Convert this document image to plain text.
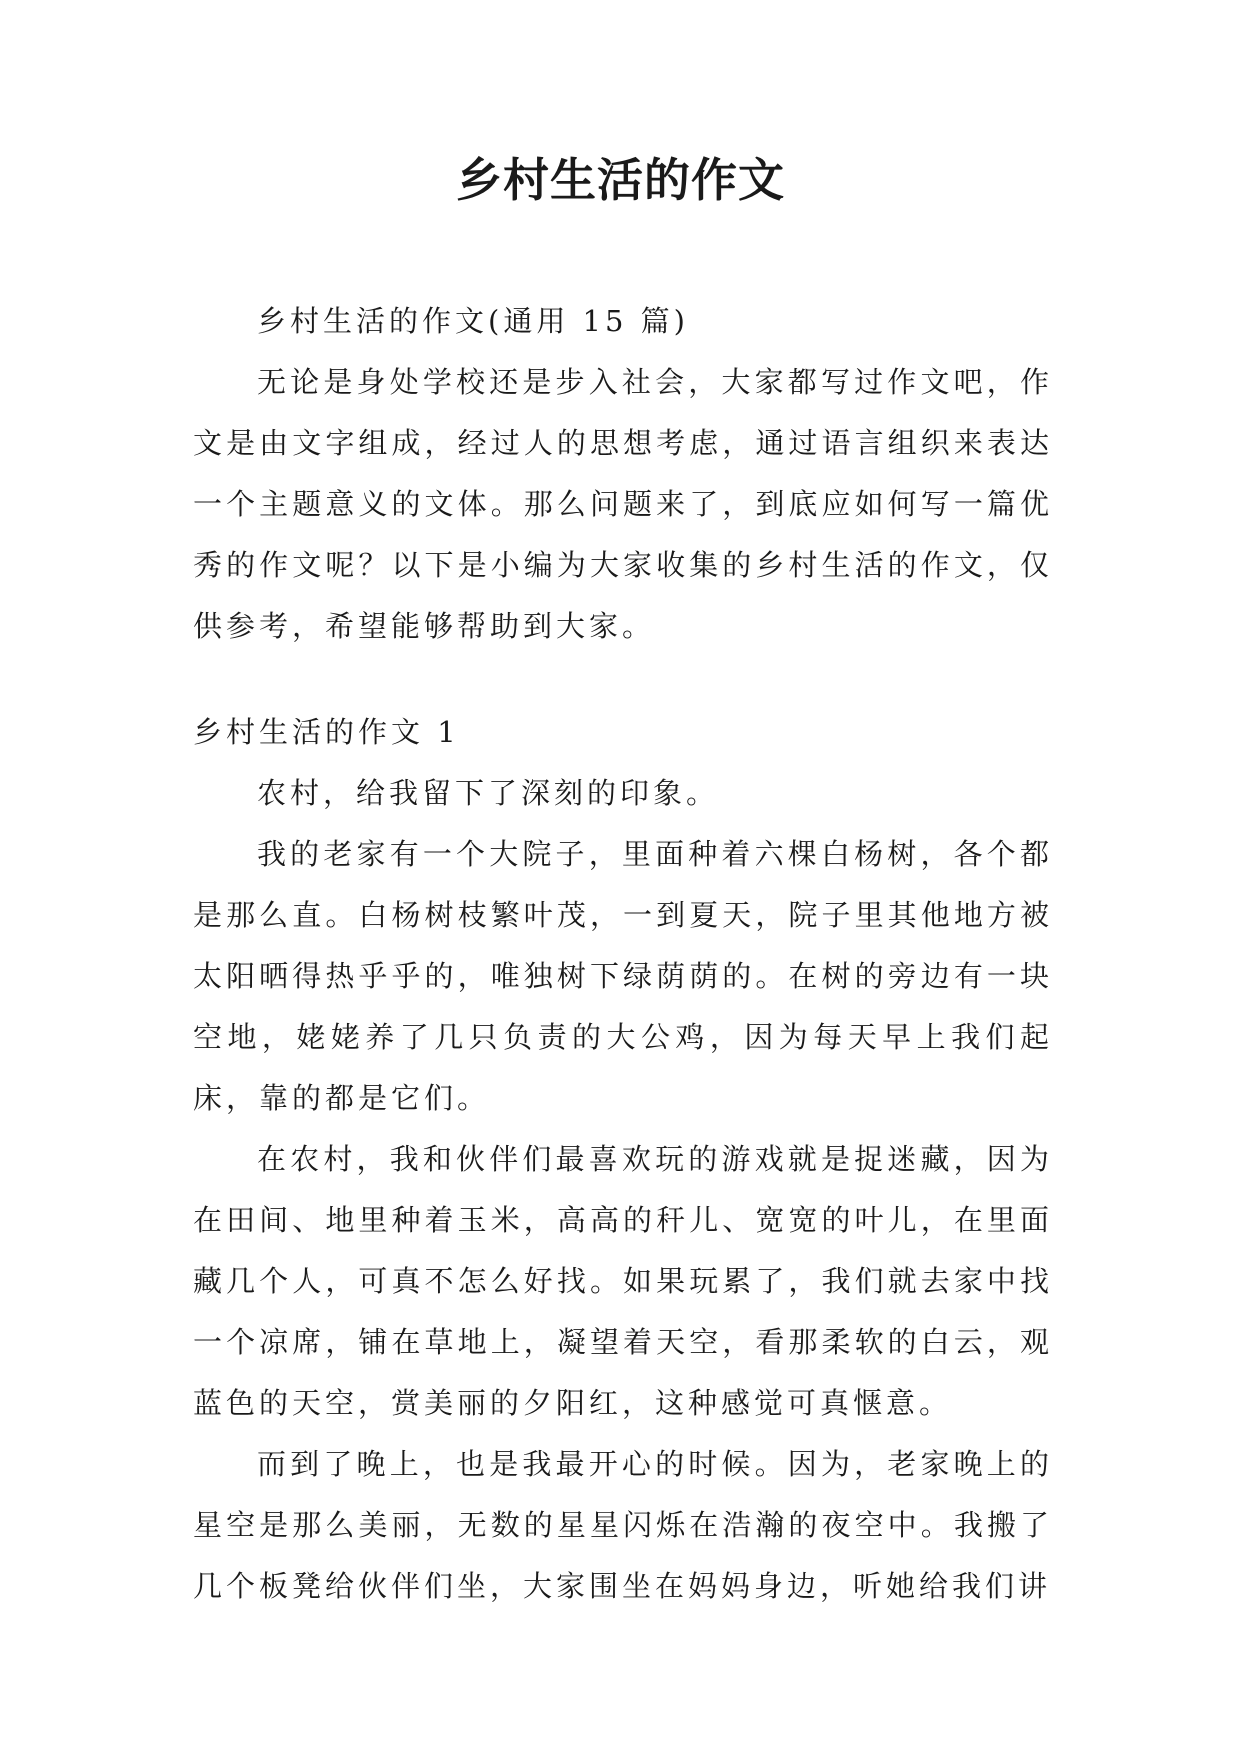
乡村生活的作文

乡村生活的作文(通用 15 篇)

无论是身处学校还是步入社会，大家都写过作文吧，作文是由文字组成，经过人的思想考虑，通过语言组织来表达一个主题意义的文体。那么问题来了，到底应如何写一篇优秀的作文呢？以下是小编为大家收集的乡村生活的作文，仅供参考，希望能够帮助到大家。

乡村生活的作文 1

农村，给我留下了深刻的印象。

我的老家有一个大院子，里面种着六棵白杨树，各个都是那么直。白杨树枝繁叶茂，一到夏天，院子里其他地方被太阳晒得热乎乎的，唯独树下绿荫荫的。在树的旁边有一块空地，姥姥养了几只负责的大公鸡，因为每天早上我们起床，靠的都是它们。

在农村，我和伙伴们最喜欢玩的游戏就是捉迷藏，因为在田间、地里种着玉米，高高的秆儿、宽宽的叶儿，在里面藏几个人，可真不怎么好找。如果玩累了，我们就去家中找一个凉席，铺在草地上，凝望着天空，看那柔软的白云，观蓝色的天空，赏美丽的夕阳红，这种感觉可真惬意。

而到了晚上，也是我最开心的时候。因为，老家晚上的星空是那么美丽，无数的星星闪烁在浩瀚的夜空中。我搬了几个板凳给伙伴们坐，大家围坐在妈妈身边，听她给我们讲
